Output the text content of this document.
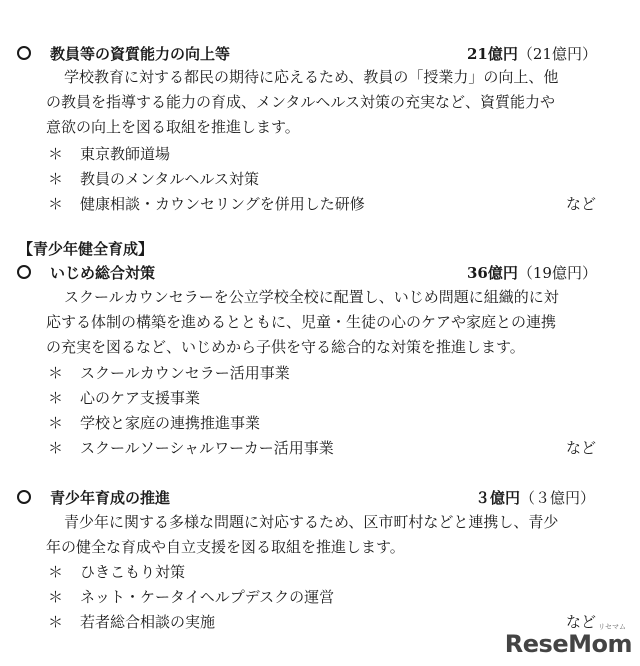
教員等の資質能力の向上等	21億円（21億円）
学校教育に対する都民の期待に応えるため、教員の「授業力」の向上、他
の教員を指導する能力の育成、メンタルヘルス対策の充実など、資質能力や
意欲の向上を図る取組を推進します。
＊ 東京教師道場
＊ 教員のメンタルヘルス対策
＊ 健康相談・カウンセリングを併用した研修	など
【青少年健全育成】
いじめ総合対策	36億円（19億円）
スクールカウンセラーを公立学校全校に配置し、いじめ問題に組織的に対
応する体制の構築を進めるとともに、児童・生徒の心のケアや家庭との連携
の充実を図るなど、いじめから子供を守る総合的な対策を推進します。
＊ スクールカウンセラー活用事業
＊ 心のケア支援事業
＊ 学校と家庭の連携推進事業
＊ スクールソーシャルワーカー活用事業	など
青少年育成の推進	３億円（３億円）
青少年に関する多様な問題に対応するため、区市町村などと連携し、青少
年の健全な育成や自立支援を図る取組を推進します。
＊ ひきこもり対策
＊ ネット・ケータイヘルプデスクの運営
＊ 若者総合相談の実施	など リセマム
ReseMom
